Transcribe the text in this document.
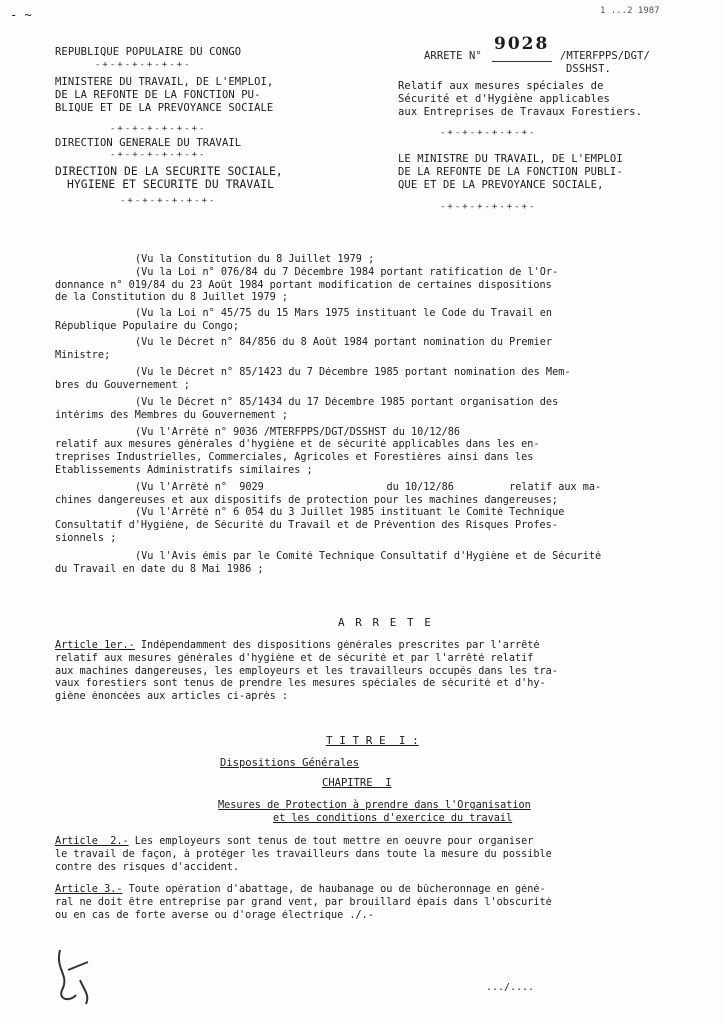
1 ...2 1987
- ~
REPUBLIQUE POPULAIRE DU CONGO
-+-+-+-+-+-+-
MINISTERE DU TRAVAIL, DE L'EMPLOI,
DE LA REFONTE DE LA FONCTION PU-
BLIQUE ET DE LA PREVOYANCE SOCIALE
-+-+-+-+-+-+-
DIRECTION GENERALE DU TRAVAIL
-+-+-+-+-+-+-
DIRECTION DE LA SECURITE SOCIALE,
HYGIENE ET SECURITE DU TRAVAIL
-+-+-+-+-+-+-
ARRETE N°
9028
/MTERFPPS/DGT/
DSSHST.
Relatif aux mesures spéciales de
Sécurité et d'Hygiène applicables
aux Entreprises de Travaux Forestiers.
-+-+-+-+-+-+-
LE MINISTRE DU TRAVAIL, DE L'EMPLOI
DE LA REFONTE DE LA FONCTION PUBLI-
QUE ET DE LA PREVOYANCE SOCIALE,
-+-+-+-+-+-+-
(Vu la Constitution du 8 Juillet 1979 ;
(Vu la Loi n° 076/84 du 7 Décembre 1984 portant ratification de l'Or-
donnance n° 019/84 du 23 Août 1984 portant modification de certaines dispositions
de la Constitution du 8 Juillet 1979 ;
(Vu la Loi n° 45/75 du 15 Mars 1975 instituant le Code du Travail en
République Populaire du Congo;
(Vu le Décret n° 84/856 du 8 Août 1984 portant nomination du Premier
Ministre;
(Vu le Décret n° 85/1423 du 7 Décembre 1985 portant nomination des Mem-
bres du Gouvernement ;
(Vu le Décret n° 85/1434 du 17 Décembre 1985 portant organisation des
intérims des Membres du Gouvernement ;
(Vu l'Arrêté n° 9036 /MTERFPPS/DGT/DSSHST du 10/12/86
relatif aux mesures générales d'hygiène et de sécurité applicables dans les en-
treprises Industrielles, Commerciales, Agricoles et Forestières ainsi dans les
Etablissements Administratifs similaires ;
(Vu l'Arrêté n°  9029                    du 10/12/86         relatif aux ma-
chines dangereuses et aux dispositifs de protection pour les machines dangereuses;
(Vu l'Arrêté n° 6 054 du 3 Juillet 1985 instituant le Comité Technique
Consultatif d'Hygiène, de Sécurité du Travail et de Prévention des Risques Profes-
sionnels ;
(Vu l'Avis émis par le Comité Technique Consultatif d'Hygiène et de Sécurité
du Travail en date du 8 Mai 1986 ;
A R R E T E
Article 1er.- Indépendamment des dispositions générales prescrites par l'arrêté
relatif aux mesures générales d'hygiène et de sécurité et par l'arrêté relatif
aux machines dangereuses, les employeurs et les travailleurs occupés dans les tra-
vaux forestiers sont tenus de prendre les mesures spéciales de sécurité et d'hy-
giène énoncées aux articles ci-après :
T I T R E  I :
Dispositions Générales
CHAPITRE  I
Mesures de Protection à prendre dans l'Organisation
et les conditions d'exercice du travail
Article  2.- Les employeurs sont tenus de tout mettre en oeuvre pour organiser
le travail de façon, à protéger les travailleurs dans toute la mesure du possible
contre des risques d'accident.
Article 3.- Toute opération d'abattage, de haubanage ou de bûcheronnage en géné-
ral ne doit être entreprise par grand vent, par brouillard épais dans l'obscurité
ou en cas de forte averse ou d'orage électrique ./.-
.../....
